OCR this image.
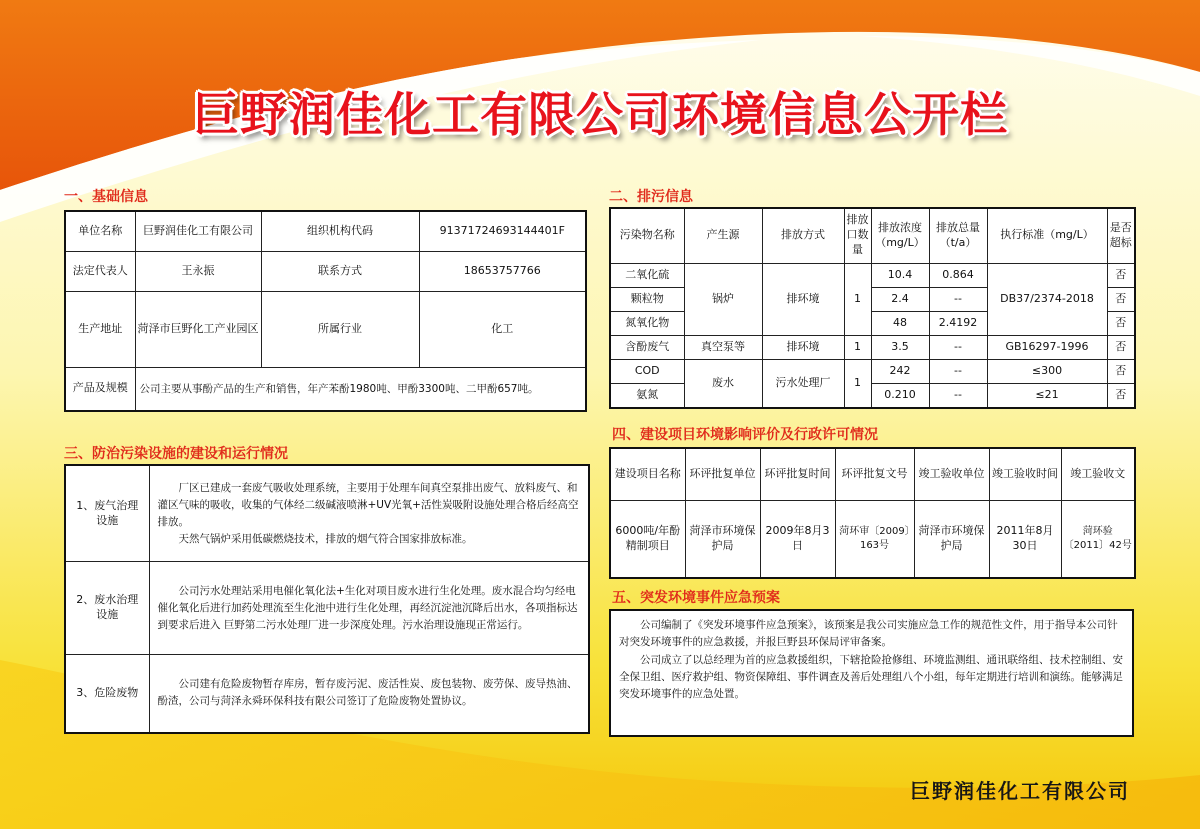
巨野润佳化工有限公司环境信息公开栏
一、基础信息
单位名称	巨野润佳化工有限公司	组织机构代码	91371724693144401F
法定代表人	王永振	联系方式	18653757766
生产地址	菏泽市巨野化工产业园区	所属行业	化工
产品及规模	公司主要从事酚产品的生产和销售，年产苯酚1980吨、甲酚3300吨、二甲酚657吨。		
二、排污信息
污染物名称	产生源	排放方式	排放口数量	排放浓度（mg/L）	排放总量（t/a）	执行标准（mg/L）	是否超标
二氧化硫	锅炉	排环境	1	10.4	0.864	DB37/2374-2018	否
颗粒物				2.4	--		否
氮氧化物				48	2.4192		否
含酚废气	真空泵等	排环境	1	3.5	--	GB16297-1996	否
COD	废水	污水处理厂	1	242	--	≤300	否
氨氮				0.210	--	≤21	否
三、防治污染设施的建设和运行情况
1、废气治理设施	厂区已建成一套废气吸收处理系统，主要用于处理车间真空泵排出废气、放料废气、和灌区气味的吸收，收集的气体经二级碱液喷淋+UV光氧+活性炭吸附设施处理合格后经高空排放。

天然气锅炉采用低碳燃烧技术，排放的烟气符合国家排放标准。

2、废水治理设施	公司污水处理站采用电催化氧化法+生化对项目废水进行生化处理。废水混合均匀经电催化氧化后进行加药处理流至生化池中进行生化处理，再经沉淀池沉降后出水，各项指标达到要求后进入 巨野第二污水处理厂进一步深度处理。污水治理设施现正常运行。

3、危险废物	公司建有危险废物暂存库房，暂存废污泥、废活性炭、废包装物、废劳保、废导热油、酚渣，公司与菏泽永舜环保科技有限公司签订了危险废物处置协议。

四、建设项目环境影响评价及行政许可情况
建设项目名称	环评批复单位	环评批复时间	环评批复文号	竣工验收单位	竣工验收时间	竣工验收文
6000吨/年酚精制项目	菏泽市环境保护局	2009年8月3日	菏环审〔2009〕163号	菏泽市环境保护局	2011年8月30日	菏环验〔2011〕42号
五、突发环境事件应急预案

公司编制了《突发环境事件应急预案》，该预案是我公司实施应急工作的规范性文件，用于指导本公司针对突发环境事件的应急救援，并报巨野县环保局评审备案。

公司成立了以总经理为首的应急救援组织，下辖抢险抢修组、环境监测组、通讯联络组、技术控制组、安全保卫组、医疗救护组、物资保障组、事件调查及善后处理组八个小组，每年定期进行培训和演练。能够满足突发环境事件的应急处置。

巨野润佳化工有限公司
